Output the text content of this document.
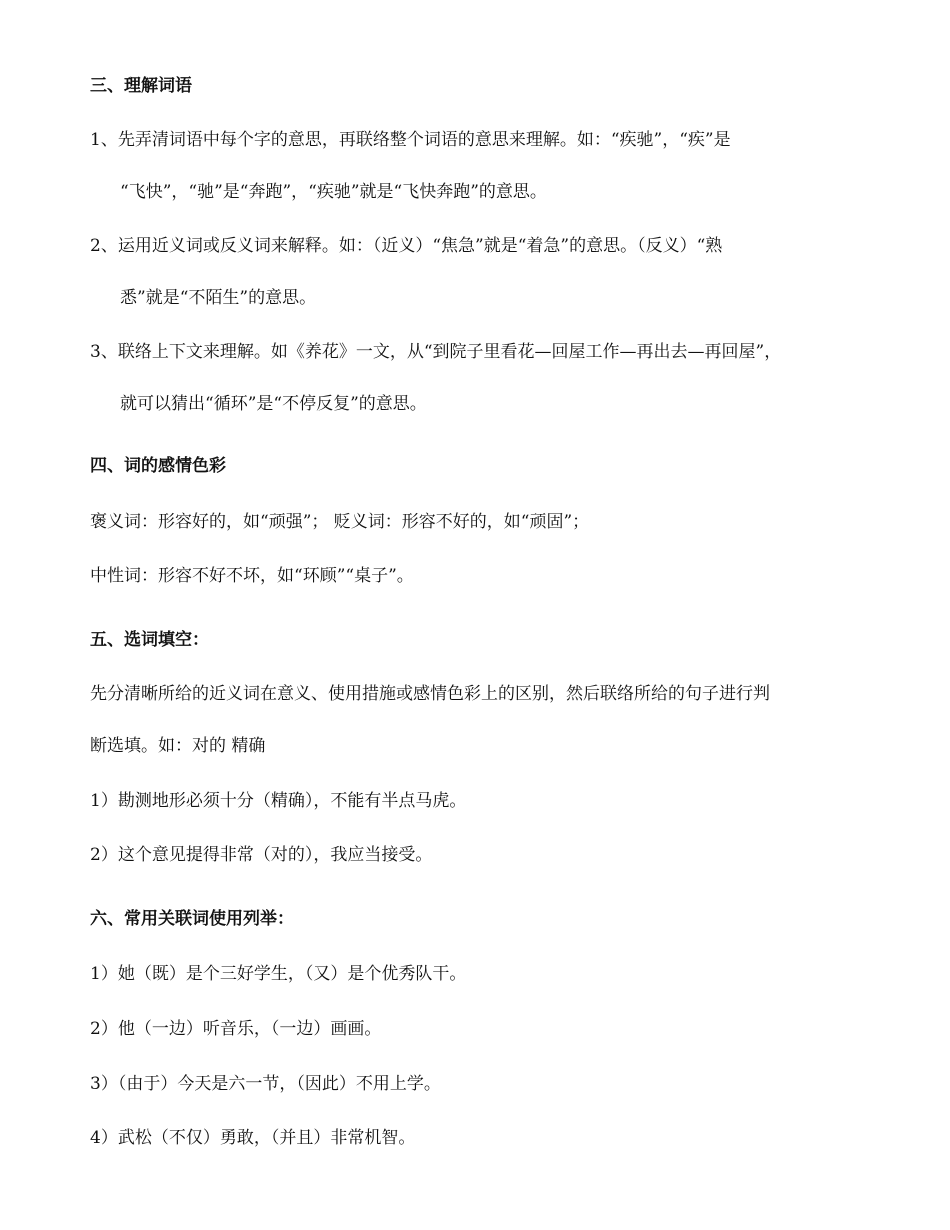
三、理解词语
1、先弄清词语中每个字的意思，再联络整个词语的意思来理解。如：“疾驰”，“疾”是
“飞快”，“驰”是“奔跑”，“疾驰”就是“飞快奔跑”的意思。
2、运用近义词或反义词来解释。如：（近义）“焦急”就是“着急”的意思。（反义）“熟
悉”就是“不陌生”的意思。
3、联络上下文来理解。如《养花》一文，从“到院子里看花—回屋工作—再出去—再回屋”，
就可以猜出“循环”是“不停反复”的意思。
四、词的感情色彩
褒义词：形容好的，如“顽强”； 贬义词：形容不好的，如“顽固”；
中性词：形容不好不坏，如“环顾”“桌子”。
五、选词填空：
先分清晰所给的近义词在意义、使用措施或感情色彩上的区别，然后联络所给的句子进行判
断选填。如：对的 精确
1）勘测地形必须十分（精确），不能有半点马虎。
2）这个意见提得非常（对的），我应当接受。
六、常用关联词使用列举：
1）她（既）是个三好学生，（又）是个优秀队干。
2）他（一边）听音乐，（一边）画画。
3）（由于）今天是六一节，（因此）不用上学。
4）武松（不仅）勇敢，（并且）非常机智。
